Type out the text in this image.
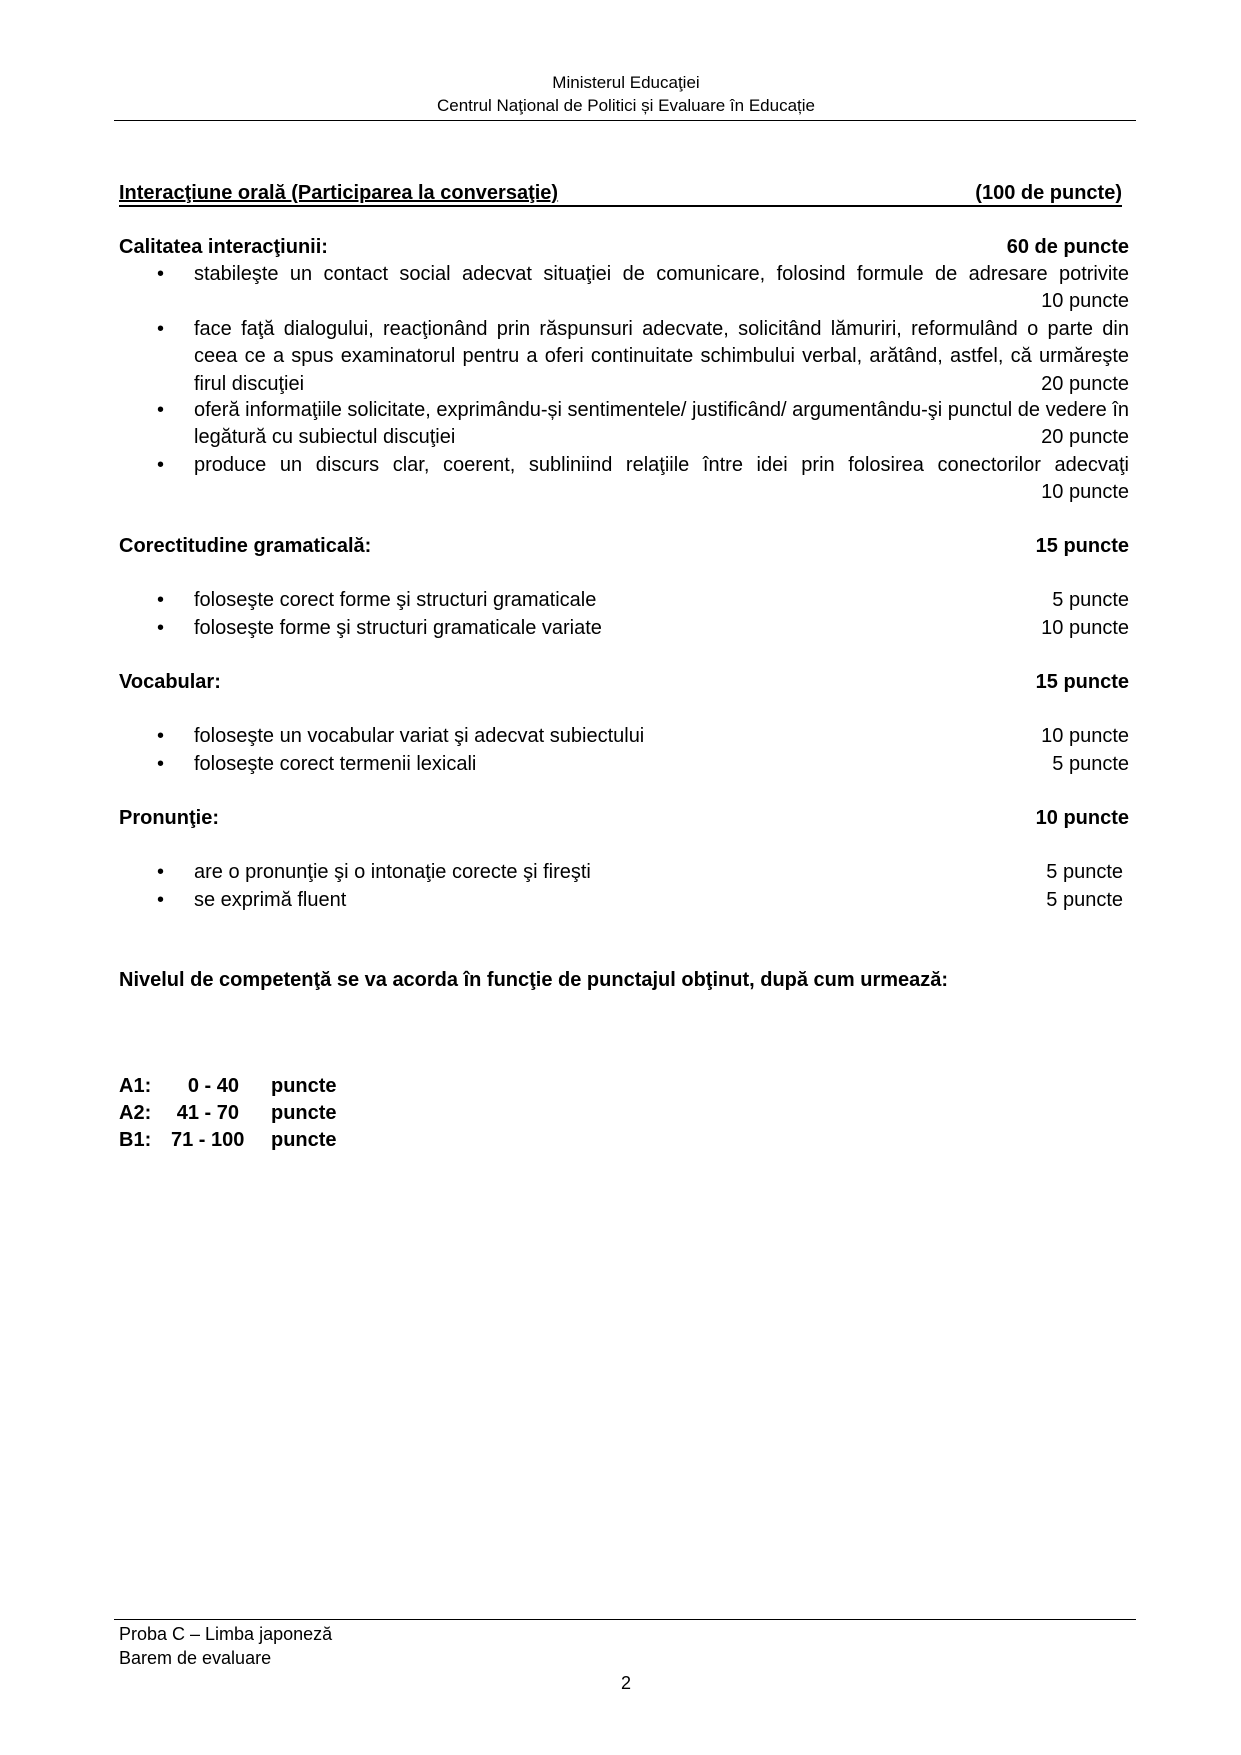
Ministerul Educaţiei
Centrul Naţional de Politici și Evaluare în Educație
Interacţiune orală (Participarea la conversaţie)	(100 de puncte)
Calitatea interacţiunii:	60 de puncte
• stabileşte un contact social adecvat situaţiei de comunicare, folosind formule de adresare potrivite
10 puncte
• face faţă dialogului, reacţionând prin răspunsuri adecvate, solicitând lămuriri, reformulând o parte din ceea ce a spus examinatorul pentru a oferi continuitate schimbului verbal, arătând, astfel, că urmăreşte firul discuţiei	20 puncte
• oferă informaţiile solicitate, exprimându-și sentimentele/ justificând/ argumentându-şi punctul de vedere în legătură cu subiectul discuţiei	20 puncte
• produce un discurs clar, coerent, subliniind relaţiile între idei prin folosirea conectorilor adecvaţi
10 puncte
Corectitudine gramaticală:	15 puncte
• foloseşte corect forme şi structuri gramaticale	5 puncte
• foloseşte forme şi structuri gramaticale variate	10 puncte
Vocabular:	15 puncte
• foloseşte un vocabular variat şi adecvat subiectului	10 puncte
• foloseşte corect termenii lexicali	5 puncte
Pronunţie:	10 puncte
• are o pronunţie şi o intonaţie corecte şi fireşti	5 puncte
• se exprimă fluent	5 puncte
Nivelul de competenţă se va acorda în funcţie de punctajul obţinut, după cum urmează:
A1: 0 - 40 puncte
A2: 41 - 70 puncte
B1: 71 - 100 puncte
Proba C – Limba japoneză
Barem de evaluare
2
